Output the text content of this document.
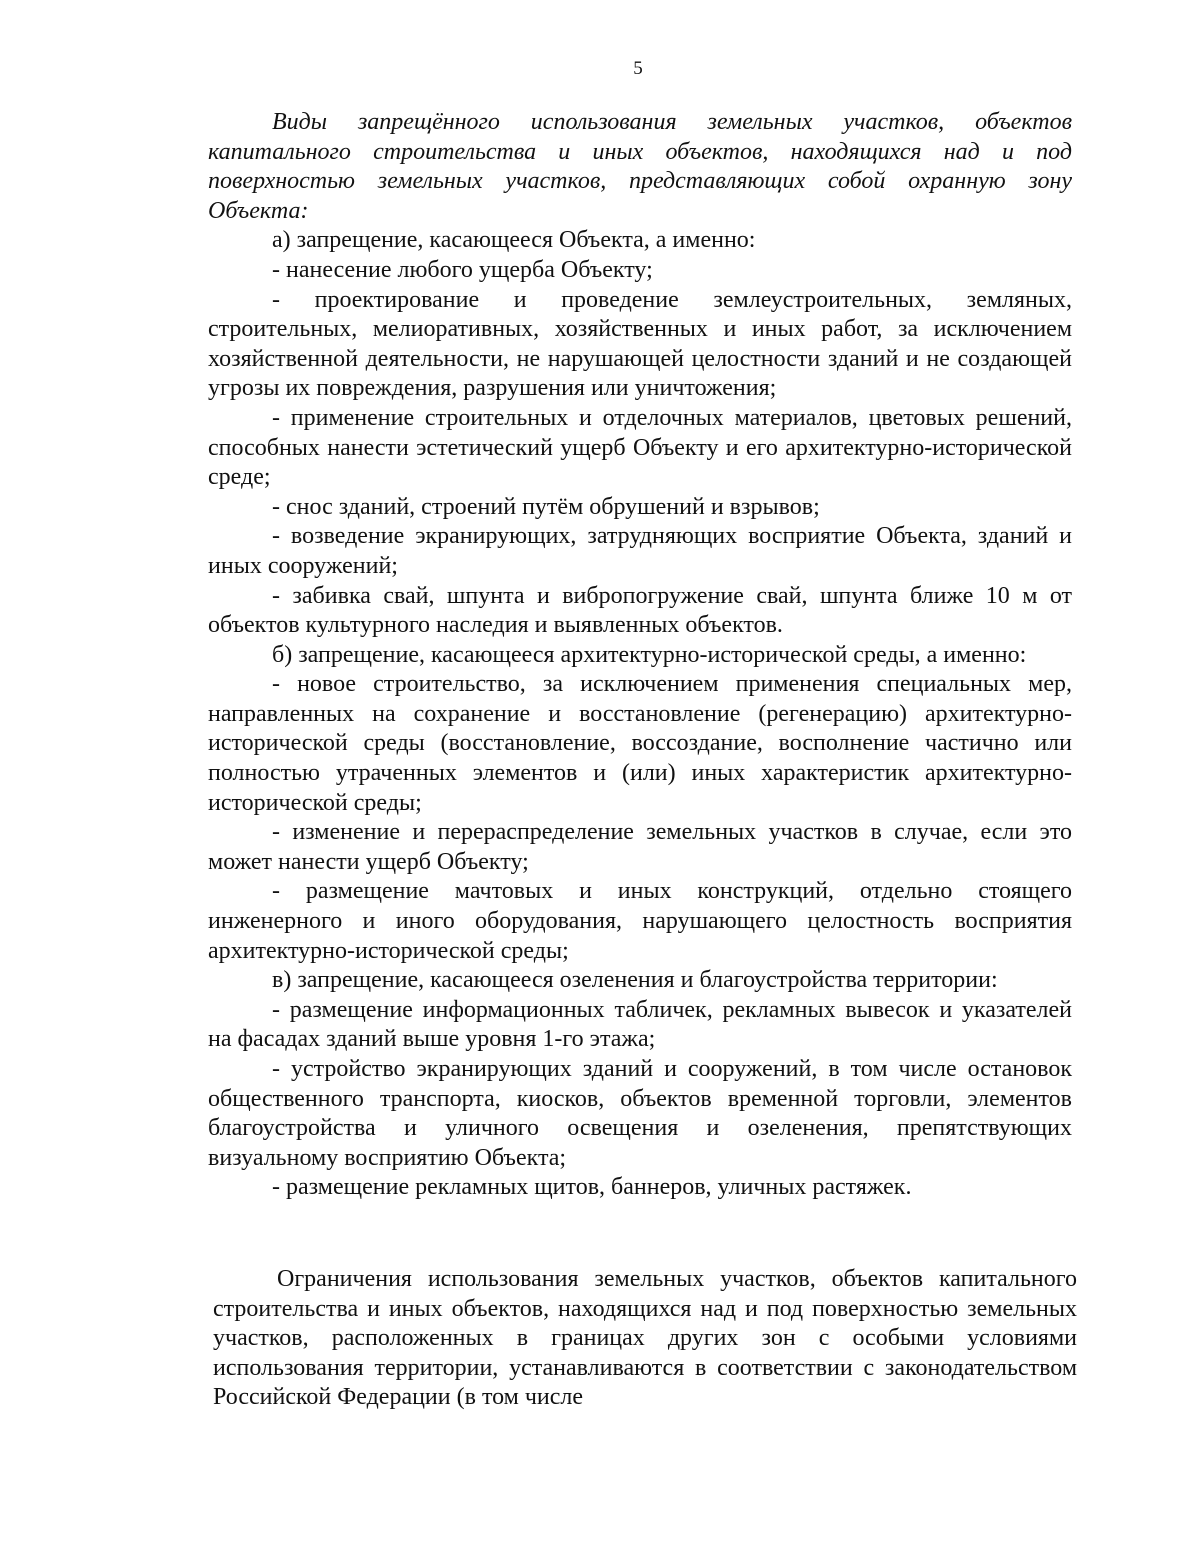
5

Виды запрещённого использования земельных участков, объектов капитального строительства и иных объектов, находящихся над и под поверхностью земельных участков, представляющих собой охранную зону Объекта:

а) запрещение, касающееся Объекта, а именно:

- нанесение любого ущерба Объекту;

- проектирование и проведение землеустроительных, земляных, строительных, мелиоративных, хозяйственных и иных работ, за исключением хозяйственной деятельности, не нарушающей целостности зданий и не создающей угрозы их повреждения, разрушения или уничтожения;

- применение строительных и отделочных материалов, цветовых решений, способных нанести эстетический ущерб Объекту и его архитектурно-исторической среде;

- снос зданий, строений путём обрушений и взрывов;

- возведение экранирующих, затрудняющих восприятие Объекта, зданий и иных сооружений;

- забивка свай, шпунта и вибропогружение свай, шпунта ближе 10 м от объектов культурного наследия и выявленных объектов.

б) запрещение, касающееся архитектурно-исторической среды, а именно:

- новое строительство, за исключением применения специальных мер, направленных на сохранение и восстановление (регенерацию) архитектурно-исторической среды (восстановление, воссоздание, восполнение частично или полностью утраченных элементов и (или) иных характеристик архитектурно-исторической среды;

- изменение и перераспределение земельных участков в случае, если это может нанести ущерб Объекту;

- размещение мачтовых и иных конструкций, отдельно стоящего инженерного и иного оборудования, нарушающего целостность восприятия архитектурно-исторической среды;

в) запрещение, касающееся озеленения и благоустройства территории:

- размещение информационных табличек, рекламных вывесок и указателей на фасадах зданий выше уровня 1-го этажа;

- устройство экранирующих зданий и сооружений, в том числе остановок общественного транспорта, киосков, объектов временной торговли, элементов благоустройства и уличного освещения и озеленения, препятствующих визуальному восприятию Объекта;

- размещение рекламных щитов, баннеров, уличных растяжек.

Ограничения использования земельных участков, объектов капитального строительства и иных объектов, находящихся над и под поверхностью земельных участков, расположенных в границах других зон с особыми условиями использования территории, устанавливаются в соответствии с законодательством Российской Федерации (в том числе
